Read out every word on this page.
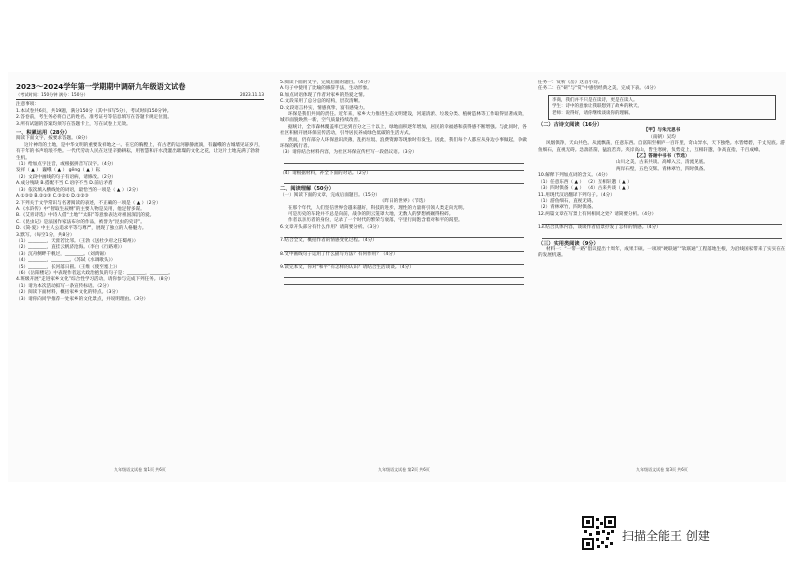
2023～2024学年第一学期期中调研九年级语文试卷
（考试时间：150分钟 满分：150分）	2023.11.13

注意事项：

1.本试卷共6页，共19题，满分150分（其中书写5分），考试时间150分钟。

2.答卷前，考生务必将自己的姓名、准考证号等信息填写在答题卡规定位置。

3.所有试题的答案均须写在答题卡上，写在试卷上无效。

一、积累运用（28分）

阅读下面文字，按要求答题。（8分）

这片神奇的土地，是中华文明的重要发祥地之一。在它的胸膛上，有古老的运河静静流淌，有巍峨的古城墙见证岁月，有千年的书声琅琅不绝。一代代劳动人民在这里辛勤耕耘，用智慧和汗水浇灌出璀璨的文化之花，让这片土地充满了勃勃生机。

（1）给加点字注音，或根据拼音写汉字。（4分）

发祥（ ▲ ） 巍峨（ ▲ ） gēng（ ▲ ）耘

（2）文段中画线的句子有语病，请修改。（2分）

A.成分残缺 B.搭配不当 C.语序不当 D.前后矛盾

（3）依次填入横线处的词语，最恰当的一项是（ ▲ ）（2分）

A.①③② B.②①③ C.③②① D.①②③

2.下列关于文学常识与名著阅读的表述，不正确的一项是（ ▲ ）（2分）

A.《水浒传》中“智取生辰纲”的主要人物是吴用，他足智多谋。

B.《艾青诗选》中诗人借“土地”“太阳”等意象表达对祖国深沉的爱。

C.《昆虫记》是法国作家法布尔的作品，被誉为“昆虫的史诗”。

D.《简·爱》中主人公追求平等与尊严，展现了独立的人格魅力。

3.默写。（每空1分，共8分）

（1）________，天涯若比邻。（王勃《送杜少府之任蜀州》）

（2）________，直挂云帆济沧海。（李白《行路难》）

（3）沉舟侧畔千帆过，________。（刘禹锡）

（4）________，________。（苏轼《水调歌头》）

（5）________，长河落日圆。（王维《使至塞上》）

（6）《岳阳楼记》中表现作者远大政治抱负的句子是：________，________。

4.班级开展“走进家乡文化”综合性学习活动，请你参与完成下列任务。（8分）

（1）请为本次活动拟写一条宣传标语。（2分）

（2）阅读下面材料，概括家乡文化的特点。（3分）

（3）请你向同学推荐一处家乡的文化景点，并说明理由。（3分）

九年级语文试卷 第1页 共6页

5.阅读下面的文字，完成后面的题目。（4分）

A.句子中使用了比喻的修辞手法，生动形象。

B.加点词语体现了作者对家乡的热爱之情。

C.文段采用了总分总的结构，层次清晰。

D.文段语言朴实，情感真挚，富有感染力。

环保是我们共同的责任。近年来，家乡大力推进生态文明建设，河道清淤、垃圾分类、植树造林等工作取得显著成效，城市面貌焕然一新，空气质量持续改善。

据统计，全市森林覆盖率已达到百分之三十以上，绿地面积逐年增加，居民的幸福感和获得感不断增强。与此同时，各社区积极开展环保宣传活动，引导居民养成绿色低碳的生活方式。

然而，仍有部分人环保意识淡薄，乱扔垃圾、浪费资源等现象时有发生。因此，我们每个人都应从身边小事做起，争做环保的践行者。

（3）请你结合材料内容，为社区环保宣传栏写一段倡议语。（3分）

（4）请根据材料，补全下面的对话。（2分）

二、阅读理解（50分）

（一）阅读下面的文章，完成后面题目。（15分）

《昨日的世界》（节选）

在那个年代，人们坚信世界会越来越好，科技的进步、理性的力量将引领人类走向光明。

可是历史的车轮并不总是向前，战争的阴云笼罩大地，无数人的梦想被碾得粉碎。

作者以亲历者的身份，记录了一个时代的繁荣与衰落，字里行间饱含着对和平的渴望。

6.文章开头部分有什么作用？请简要分析。（3分）

7.结合全文，概括作者的情感变化过程。（4分）

8.文中画线句子运用了什么描写方法？有何作用？（4分）

9.读完本文，你对“和平”有怎样的认识？请结合生活谈谈。（4分）

九年级语文试卷 第2页 共6页

任务一：赏析《岳》这首小诗。

任务二：在“研”与“赏”中感悟经典之美，完成下表。（4分）

李商，我们并不只是在读诗，更是在读人。

学生：诗中的意象让我联想到了故乡的秋天。

老师：说得好，请你继续谈谈你的理解。

（二）古诗文阅读（16分）

【甲】与朱元思书

（南朝）吴均

风烟俱净，天山共色。从流飘荡，任意东西。自富阳至桐庐一百许里，奇山异水，天下独绝。水皆缥碧，千丈见底。游鱼细石，直视无碍。急湍甚箭，猛浪若奔。夹岸高山，皆生寒树，负势竞上，互相轩邈，争高直指，千百成峰。

【乙】答谢中书书（节选）

山川之美，古来共谈。高峰入云，清流见底。

两岸石壁，五色交辉。青林翠竹，四时俱备。

10.解释下列加点词的含义。（4分）

（1）任意东西（ ▲ ） （2）互相轩邈（ ▲ ）

（3）四时俱备（ ▲ ） （4）古来共谈（ ▲ ）

11.用现代汉语翻译下列句子。（4分）

（1）游鱼细石，直视无碍。

（2）青林翠竹，四时俱备。

12.两篇文章在写景上有何相同之处？请简要分析。（4分）

13.结合具体内容，谈谈作者借景抒发了怎样的情感。（4分）

（三）实用类阅读（9分）

材料一：“一带一路”倡议提出十周年，成果丰硕。一项项“硬联通”“软联通”工程落地生根，为沿线国家带来了实实在在的发展机遇。

九年级语文试卷 第3页 共6页
扫描全能王 创建
